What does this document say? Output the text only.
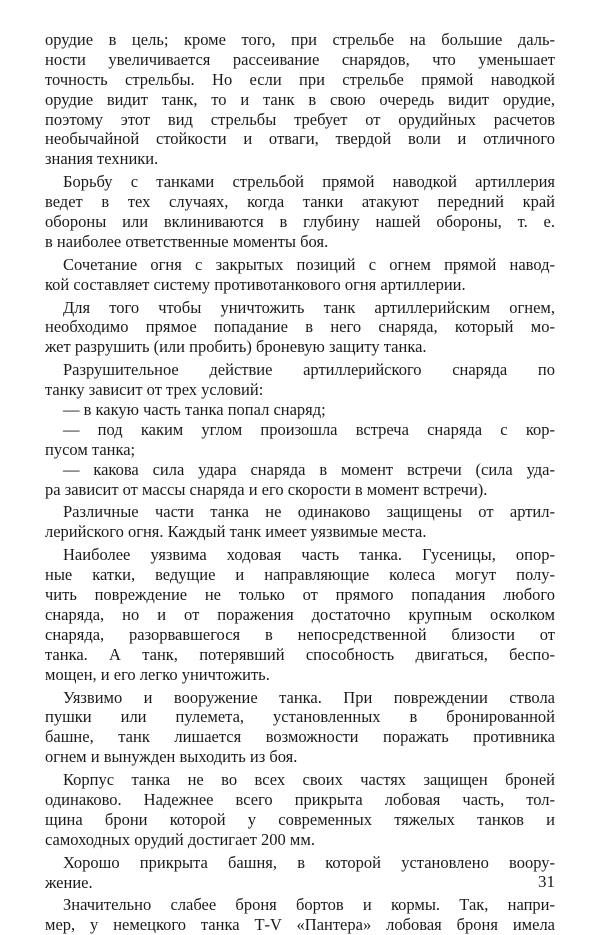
орудие в цель; кроме того, при стрельбе на большие даль-
ности увеличивается рассеивание снарядов, что уменьшает
точность стрельбы. Но если при стрельбе прямой наводкой
орудие видит танк, то и танк в свою очередь видит орудие,
поэтому этот вид стрельбы требует от орудийных расчетов
необычайной стойкости и отваги, твердой воли и отличного
знания техники.
Борьбу с танками стрельбой прямой наводкой артиллерия
ведет в тех случаях, когда танки атакуют передний край
обороны или вклиниваются в глубину нашей обороны, т. е.
в наиболее ответственные моменты боя.
Сочетание огня с закрытых позиций с огнем прямой навод-
кой составляет систему противотанкового огня артиллерии.
Для того чтобы уничтожить танк артиллерийским огнем,
необходимо прямое попадание в него снаряда, который мо-
жет разрушить (или пробить) броневую защиту танка.
Разрушительное действие артиллерийского снаряда по
танку зависит от трех условий:
— в какую часть танка попал снаряд;
— под каким углом произошла встреча снаряда с кор-
пусом танка;
— какова сила удара снаряда в момент встречи (сила уда-
ра зависит от массы снаряда и его скорости в момент встречи).
Различные части танка не одинаково защищены от артил-
лерийского огня. Каждый танк имеет уязвимые места.
Наиболее уязвима ходовая часть танка. Гусеницы, опор-
ные катки, ведущие и направляющие колеса могут полу-
чить повреждение не только от прямого попадания любого
снаряда, но и от поражения достаточно крупным осколком
снаряда, разорвавшегося в непосредственной близости от
танка. А танк, потерявший способность двигаться, беспо-
мощен, и его легко уничтожить.
Уязвимо и вооружение танка. При повреждении ствола
пушки или пулемета, установленных в бронированной
башне, танк лишается возможности поражать противника
огнем и вынужден выходить из боя.
Корпус танка не во всех своих частях защищен броней
одинаково. Надежнее всего прикрыта лобовая часть, тол-
щина брони которой у современных тяжелых танков и
самоходных орудий достигает 200 мм.
Хорошо прикрыта башня, в которой установлено воору-
жение.
Значительно слабее броня бортов и кормы. Так, напри-
мер, у немецкого танка Т-V «Пантера» лобовая броня имела
31
